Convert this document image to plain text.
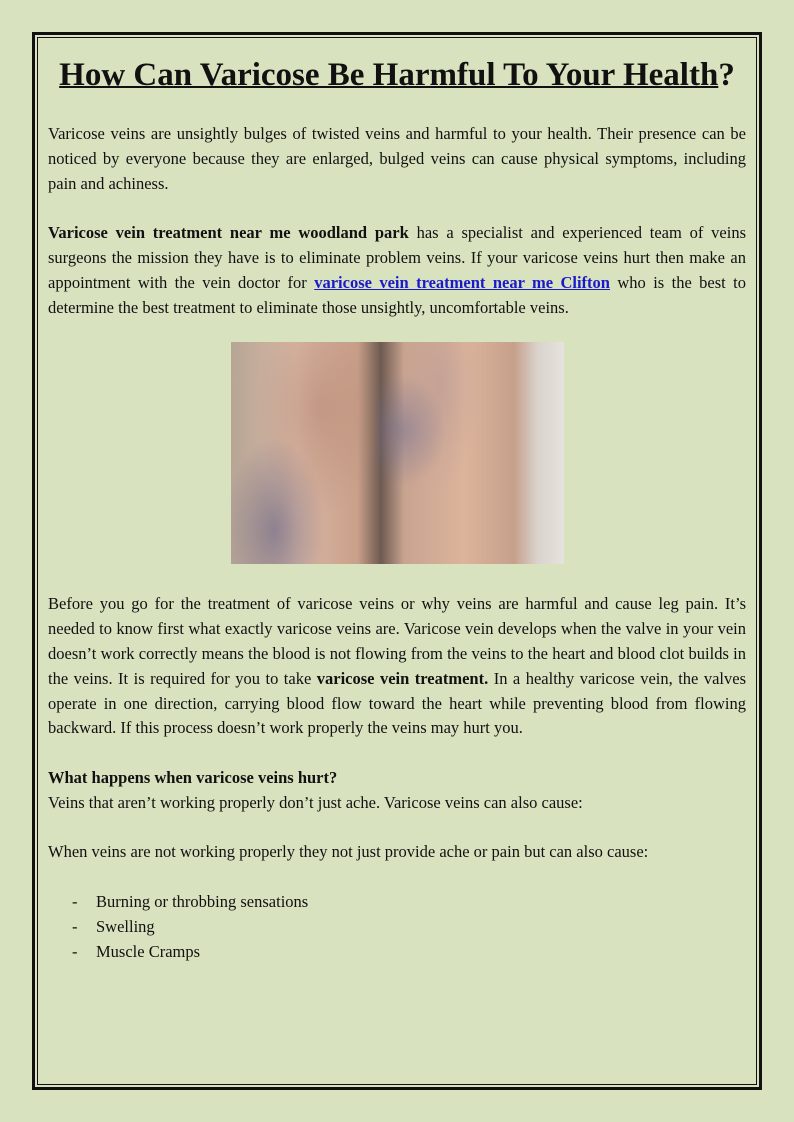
How Can Varicose Be Harmful To Your Health?

Varicose veins are unsightly bulges of twisted veins and harmful to your health. Their presence can be noticed by everyone because they are enlarged, bulged veins can cause physical symptoms, including pain and achiness.

Varicose vein treatment near me woodland park has a specialist and experienced team of veins surgeons the mission they have is to eliminate problem veins. If your varicose veins hurt then make an appointment with the vein doctor for varicose vein treatment near me Clifton who is the best to determine the best treatment to eliminate those unsightly, uncomfortable veins.

Before you go for the treatment of varicose veins or why veins are harmful and cause leg pain. It’s needed to know first what exactly varicose veins are. Varicose vein develops when the valve in your vein doesn’t work correctly means the blood is not flowing from the veins to the heart and blood clot builds in the veins. It is required for you to take varicose vein treatment. In a healthy varicose vein, the valves operate in one direction, carrying blood flow toward the heart while preventing blood from flowing backward. If this process doesn’t work properly the veins may hurt you.

What happens when varicose veins hurt?

Veins that aren’t working properly don’t just ache. Varicose veins can also cause:

When veins are not working properly they not just provide ache or pain but can also cause:

- Burning or throbbing sensations
- Swelling
- Muscle Cramps
